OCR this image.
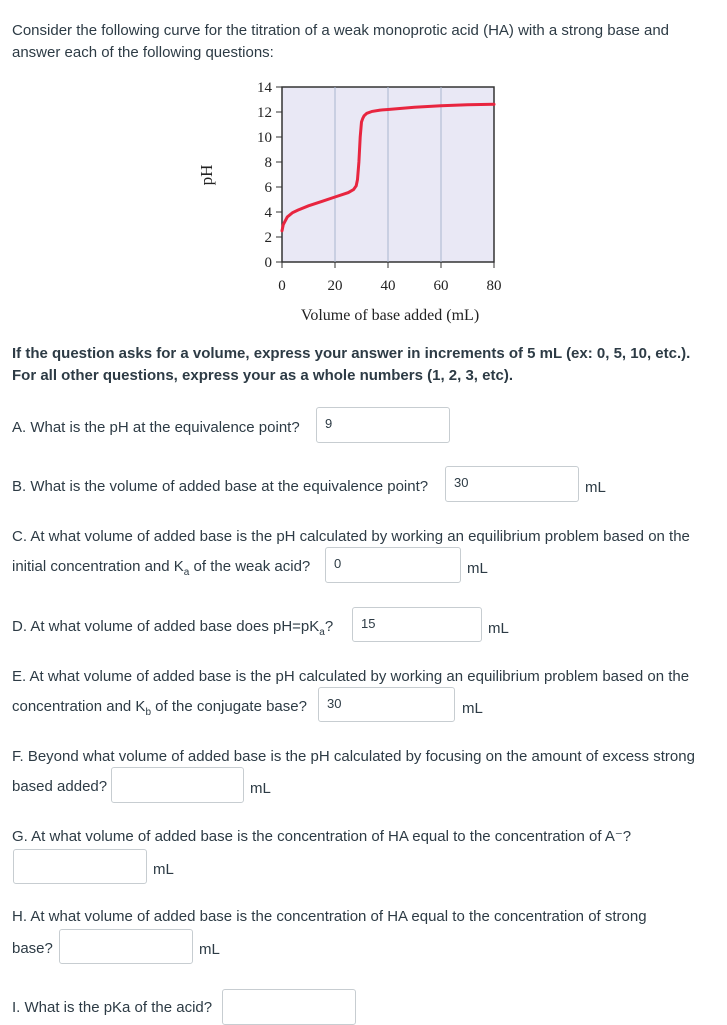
Consider the following curve for the titration of a weak monoprotic acid (HA) with a strong base and
answer each of the following questions:
0	20	40	60	80
0
2
4
6
8
10
12
14
pH
Volume of base added (mL)
If the question asks for a volume, express your answer in increments of 5 mL (ex: 0, 5, 10, etc.).
For all other questions, express your as a whole numbers (1, 2, 3, etc).
A. What is the pH at the equivalence point?	9
B. What is the volume of added base at the equivalence point?	30	mL
C. At what volume of added base is the pH calculated by working an equilibrium problem based on the
initial concentration and $K_a$ of the weak acid?	0	mL
D. At what volume of added base does $pH=pK_a$?	15	mL
E. At what volume of added base is the pH calculated by working an equilibrium problem based on the
concentration and $K_b$ of the conjugate base?	30	mL
F. Beyond what volume of added base is the pH calculated by focusing on the amount of excess strong
based added?	mL
G. At what volume of added base is the concentration of HA equal to the concentration of A⁻?
mL
H. At what volume of added base is the concentration of HA equal to the concentration of strong
base?	mL
I. What is the pKa of the acid?
